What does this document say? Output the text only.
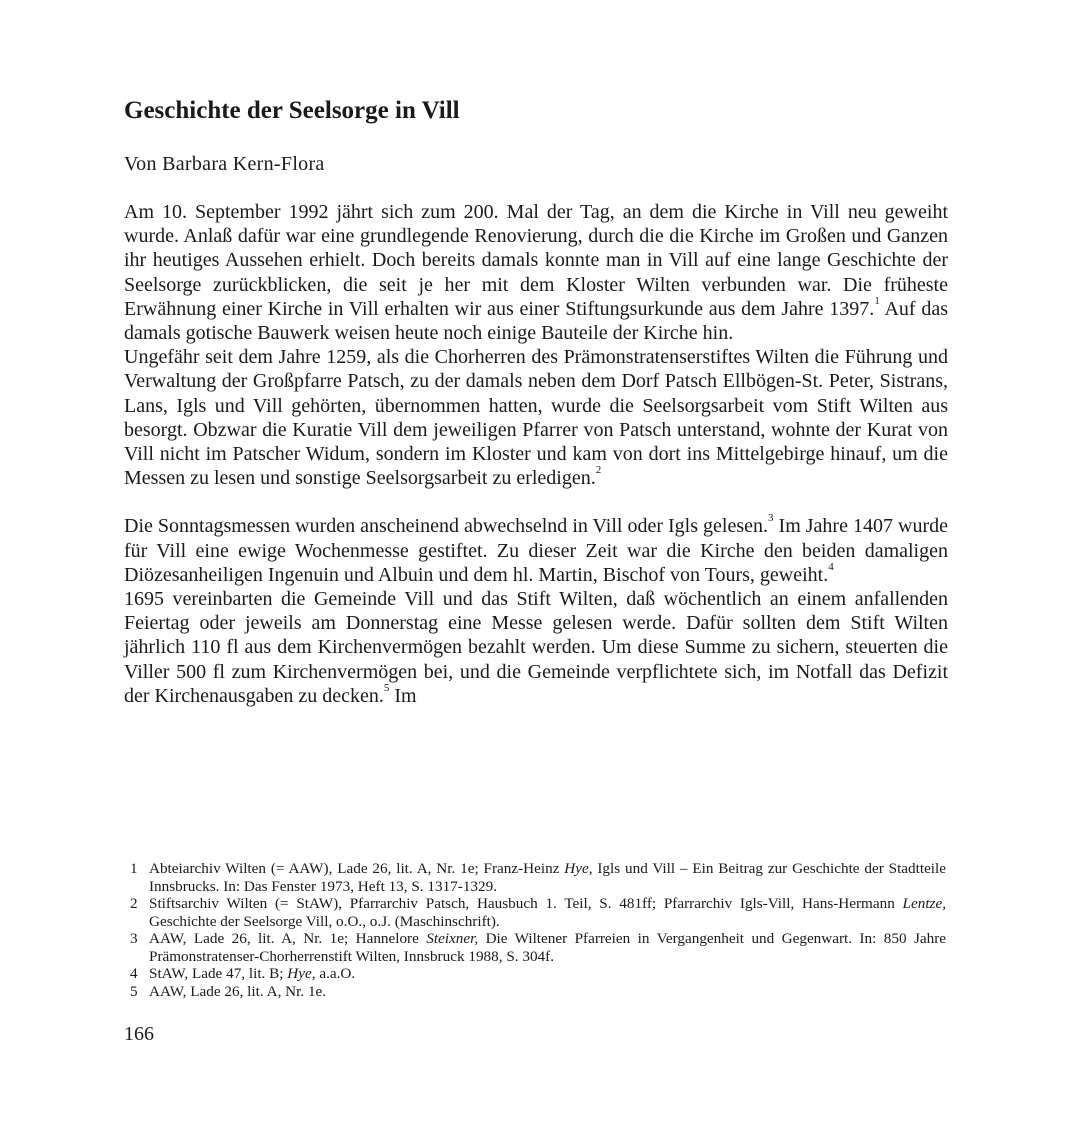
Geschichte der Seelsorge in Vill
Von Barbara Kern-Flora

Am 10. September 1992 jährt sich zum 200. Mal der Tag, an dem die Kirche in Vill neu geweiht wurde. Anlaß dafür war eine grundlegende Renovierung, durch die die Kirche im Großen und Ganzen ihr heutiges Aussehen erhielt. Doch bereits damals konnte man in Vill auf eine lange Geschichte der Seelsorge zurückblicken, die seit je her mit dem Kloster Wilten verbunden war. Die früheste Erwähnung einer Kirche in Vill erhalten wir aus einer Stiftungsurkunde aus dem Jahre 1397.$^1$ Auf das damals gotische Bauwerk weisen heute noch einige Bauteile der Kirche hin.

Ungefähr seit dem Jahre 1259, als die Chorherren des Prämonstratenserstiftes Wilten die Führung und Verwaltung der Großpfarre Patsch, zu der damals neben dem Dorf Patsch Ellbögen-St. Peter, Sistrans, Lans, Igls und Vill gehörten, übernommen hatten, wurde die Seelsorgsarbeit vom Stift Wilten aus besorgt. Obzwar die Kuratie Vill dem jeweiligen Pfarrer von Patsch unterstand, wohnte der Kurat von Vill nicht im Patscher Widum, sondern im Kloster und kam von dort ins Mittelgebirge hinauf, um die Messen zu lesen und sonstige Seelsorgsarbeit zu erledigen.$^2$

Die Sonntagsmessen wurden anscheinend abwechselnd in Vill oder Igls gelesen.$^3$ Im Jahre 1407 wurde für Vill eine ewige Wochenmesse gestiftet. Zu dieser Zeit war die Kirche den beiden damaligen Diözesanheiligen Ingenuin und Albuin und dem hl. Martin, Bischof von Tours, geweiht.$^4$

1695 vereinbarten die Gemeinde Vill und das Stift Wilten, daß wöchentlich an einem anfallenden Feiertag oder jeweils am Donnerstag eine Messe gelesen werde. Dafür sollten dem Stift Wilten jährlich 110 fl aus dem Kirchenvermögen bezahlt werden. Um diese Summe zu sichern, steuerten die Viller 500 fl zum Kirchenvermögen bei, und die Gemeinde verpflichtete sich, im Notfall das Defizit der Kirchenausgaben zu decken.$^5$ Im

1 Abteiarchiv Wilten (= AAW), Lade 26, lit. A, Nr. 1e; Franz-Heinz Hye, Igls und Vill – Ein Beitrag zur Geschichte der Stadtteile Innsbrucks. In: Das Fenster 1973, Heft 13, S. 1317-1329.
2 Stiftsarchiv Wilten (= StAW), Pfarrarchiv Patsch, Hausbuch 1. Teil, S. 481ff; Pfarrarchiv Igls-Vill, Hans-Hermann Lentze, Geschichte der Seelsorge Vill, o.O., o.J. (Maschinschrift).
3 AAW, Lade 26, lit. A, Nr. 1e; Hannelore Steixner, Die Wiltener Pfarreien in Vergangenheit und Gegenwart. In: 850 Jahre Prämonstratenser-Chorherrenstift Wilten, Innsbruck 1988, S. 304f.
4 StAW, Lade 47, lit. B; Hye, a.a.O.
5 AAW, Lade 26, lit. A, Nr. 1e.
166
